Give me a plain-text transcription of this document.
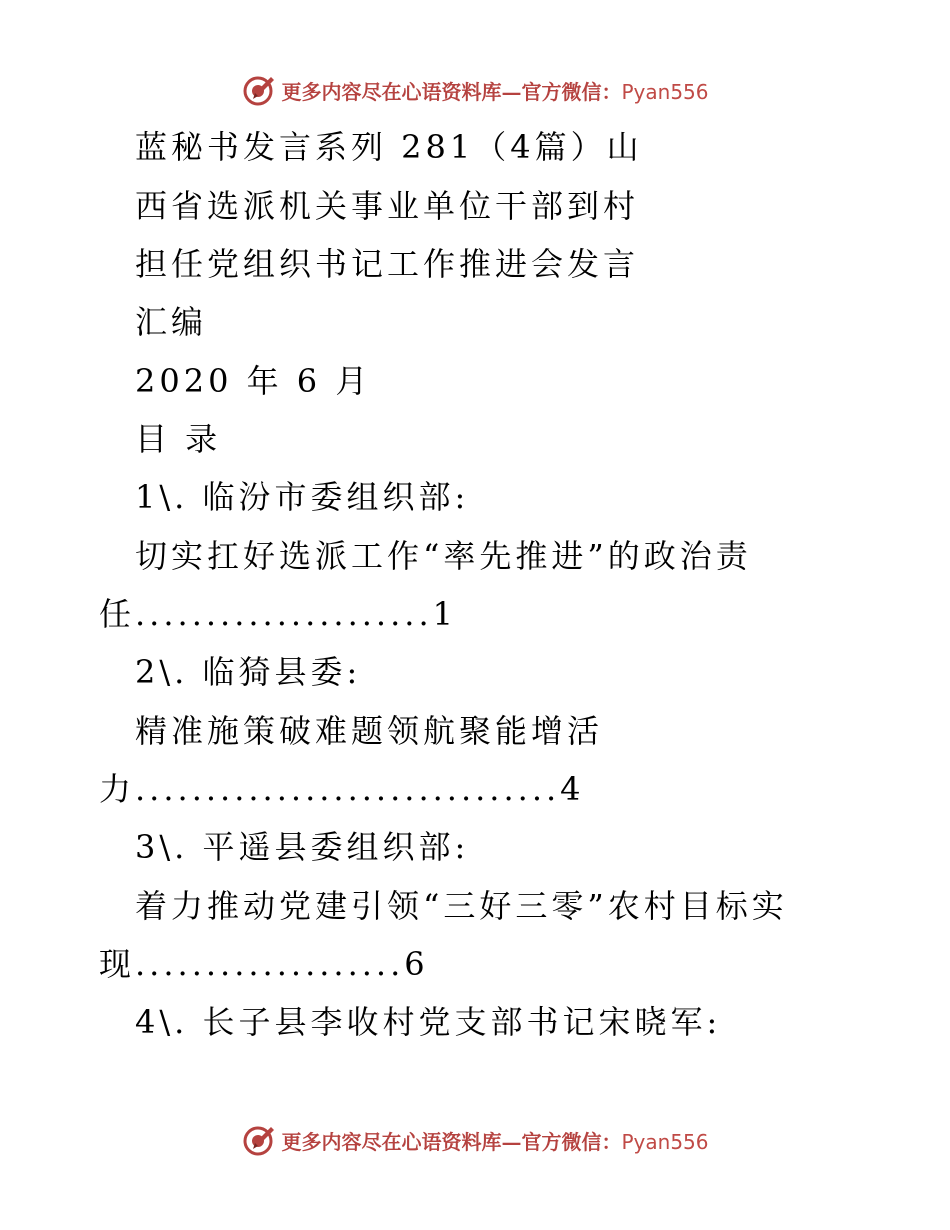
更多内容尽在心语资料库—官方微信：Pyan556
蓝秘书发言系列 281（4篇）山
西省选派机关事业单位干部到村
担任党组织书记工作推进会发言
汇编
2020 年 6 月
目 录
1\. 临汾市委组织部:
切实扛好选派工作“率先推进”的政治责
任.....................1
2\. 临猗县委:
精准施策破难题领航聚能增活
力..............................4
3\. 平遥县委组织部:
着力推动党建引领“三好三零”农村目标实
现...................6
4\. 长子县李收村党支部书记宋晓军:
更多内容尽在心语资料库—官方微信：Pyan556
